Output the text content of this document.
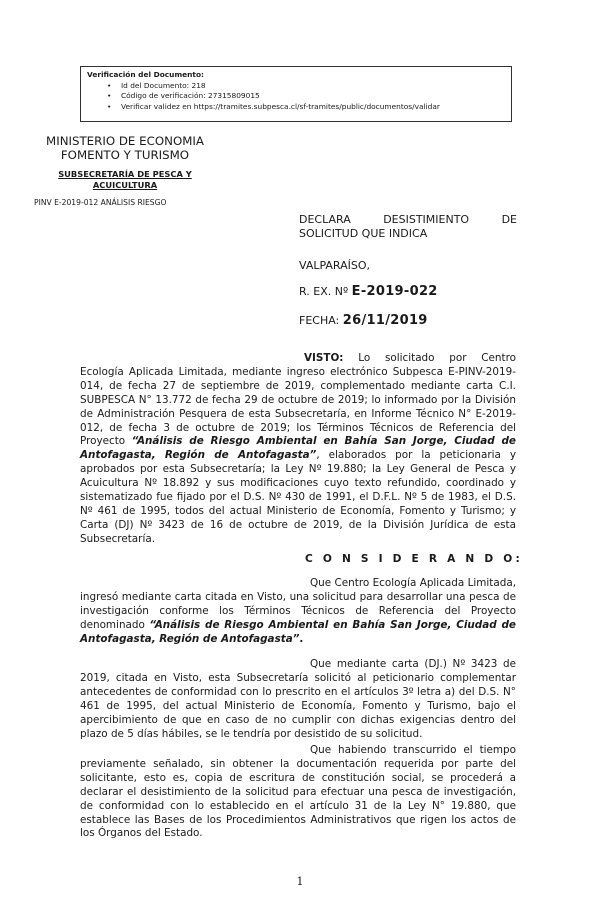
Verificación del Documento:
• Id del Documento: 218
• Código de verificación: 27315809015
• Verificar validez en https://tramites.subpesca.cl/sf-tramites/public/documentos/validar
MINISTERIO DE ECONOMIA
FOMENTO Y TURISMO
SUBSECRETARÍA DE PESCA Y
ACUICULTURA
PINV E-2019-012 ANÁLISIS RIESGO
DECLARA	DESISTIMIENTO	DE
SOLICITUD QUE INDICA
VALPARAÍSO,
R. EX. Nº E-2019-022
FECHA: 26/11/2019

VISTO: Lo solicitado por Centro Ecología Aplicada Limitada, mediante ingreso electrónico Subpesca E-PINV-2019-014, de fecha 27 de septiembre de 2019, complementado mediante carta C.I. SUBPESCA N° 13.772 de fecha 29 de octubre de 2019; lo informado por la División de Administración Pesquera de esta Subsecretaría, en Informe Técnico N° E-2019-012, de fecha 3 de octubre de 2019; los Términos Técnicos de Referencia del Proyecto “Análisis de Riesgo Ambiental en Bahía San Jorge, Ciudad de Antofagasta, Región de Antofagasta”, elaborados por la peticionaria y aprobados por esta Subsecretaría; la Ley Nº 19.880; la Ley General de Pesca y Acuicultura Nº 18.892 y sus modificaciones cuyo texto refundido, coordinado y sistematizado fue fijado por el D.S. Nº 430 de 1991, el D.F.L. Nº 5 de 1983, el D.S. Nº 461 de 1995, todos del actual Ministerio de Economía, Fomento y Turismo; y Carta (DJ) Nº 3423 de 16 de octubre de 2019, de la División Jurídica de esta Subsecretaría.

C O N S I D E R A N D O:

Que Centro Ecología Aplicada Limitada, ingresó mediante carta citada en Visto, una solicitud para desarrollar una pesca de investigación conforme los Términos Técnicos de Referencia del Proyecto denominado “Análisis de Riesgo Ambiental en Bahía San Jorge, Ciudad de Antofagasta, Región de Antofagasta”.

Que mediante carta (DJ.) Nº 3423 de 2019, citada en Visto, esta Subsecretaría solicitó al peticionario complementar antecedentes de conformidad con lo prescrito en el artículos 3º letra a) del D.S. N° 461 de 1995, del actual Ministerio de Economía, Fomento y Turismo, bajo el apercibimiento de que en caso de no cumplir con dichas exigencias dentro del plazo de 5 días hábiles, se le tendría por desistido de su solicitud.

Que habiendo transcurrido el tiempo previamente señalado, sin obtener la documentación requerida por parte del solicitante, esto es, copia de escritura de constitución social, se procederá a declarar el desistimiento de la solicitud para efectuar una pesca de investigación, de conformidad con lo establecido en el artículo 31 de la Ley N° 19.880, que establece las Bases de los Procedimientos Administrativos que rigen los actos de los Órganos del Estado.

1
